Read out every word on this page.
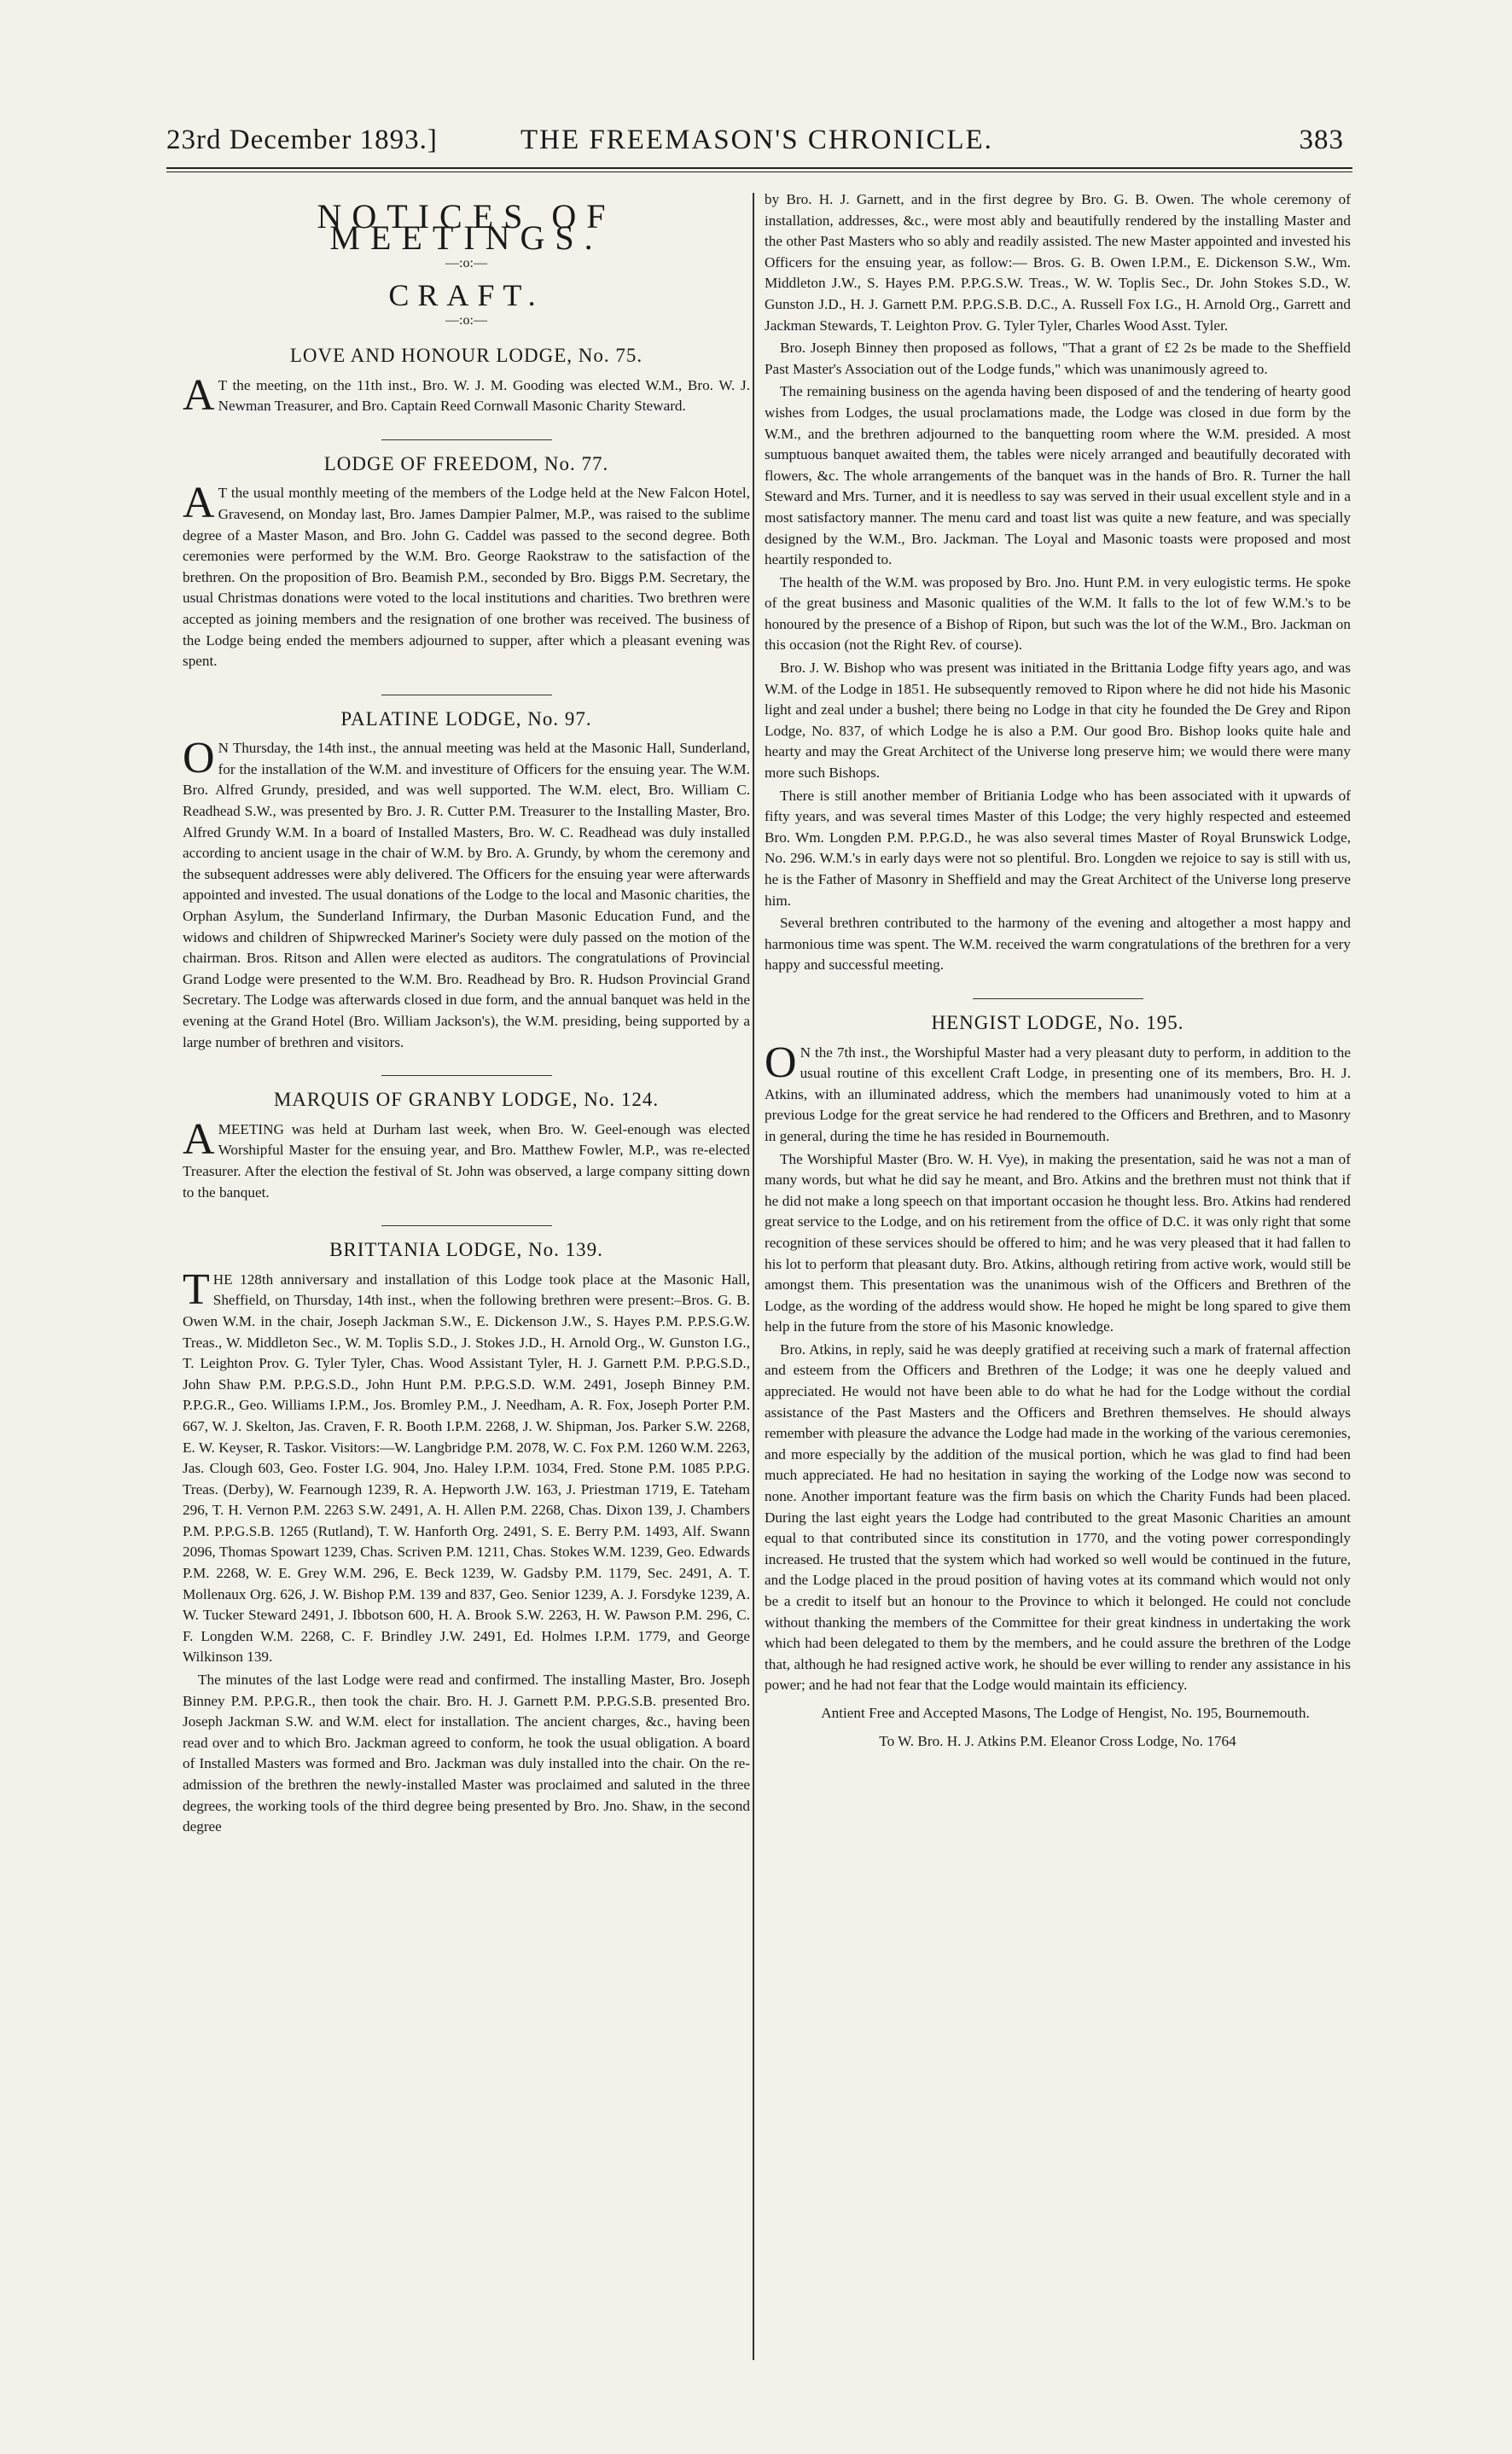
23rd December 1893.]	THE FREEMASON'S CHRONICLE.	383
NOTICES OF MEETINGS.
—:o:—
CRAFT.
—:o:—
LOVE AND HONOUR LODGE, No. 75.

A T the meeting, on the 11th inst., Bro. W. J. M. Gooding was elected W.M., Bro. W. J. Newman Treasurer, and Bro. Captain Reed Cornwall Masonic Charity Steward.

LODGE OF FREEDOM, No. 77.

A T the usual monthly meeting of the members of the Lodge held at the New Falcon Hotel, Gravesend, on Monday last, Bro. James Dampier Palmer, M.P., was raised to the sublime degree of a Master Mason, and Bro. John G. Caddel was passed to the second degree. Both ceremonies were performed by the W.M. Bro. George Raokstraw to the satisfaction of the brethren. On the proposition of Bro. Beamish P.M., seconded by Bro. Biggs P.M. Secretary, the usual Christmas donations were voted to the local institutions and charities. Two brethren were accepted as joining members and the resignation of one brother was received. The business of the Lodge being ended the members adjourned to supper, after which a pleasant evening was spent.

PALATINE LODGE, No. 97.

O N Thursday, the 14th inst., the annual meeting was held at the Masonic Hall, Sunderland, for the installation of the W.M. and investiture of Officers for the ensuing year. The W.M. Bro. Alfred Grundy, presided, and was well supported. The W.M. elect, Bro. William C. Readhead S.W., was presented by Bro. J. R. Cutter P.M. Treasurer to the Installing Master, Bro. Alfred Grundy W.M. In a board of Installed Masters, Bro. W. C. Readhead was duly installed according to ancient usage in the chair of W.M. by Bro. A. Grundy, by whom the ceremony and the subsequent addresses were ably delivered. The Officers for the ensuing year were afterwards appointed and invested. The usual donations of the Lodge to the local and Masonic charities, the Orphan Asylum, the Sunderland Infirmary, the Durban Masonic Education Fund, and the widows and children of Shipwrecked Mariner's Society were duly passed on the motion of the chairman. Bros. Ritson and Allen were elected as auditors. The congratulations of Provincial Grand Lodge were presented to the W.M. Bro. Readhead by Bro. R. Hudson Provincial Grand Secretary. The Lodge was afterwards closed in due form, and the annual banquet was held in the evening at the Grand Hotel (Bro. William Jackson's), the W.M. presiding, being supported by a large number of brethren and visitors.

MARQUIS OF GRANBY LODGE, No. 124.

AMEETING was held at Durham last week, when Bro. W. Geel-enough was elected Worshipful Master for the ensuing year, and Bro. Matthew Fowler, M.P., was re-elected Treasurer. After the election the festival of St. John was observed, a large company sitting down to the banquet.

BRITTANIA LODGE, No. 139.

THE 128th anniversary and installation of this Lodge took place at the Masonic Hall, Sheffield, on Thursday, 14th inst., when the following brethren were present:–Bros. G. B. Owen W.M. in the chair, Joseph Jackman S.W., E. Dickenson J.W., S. Hayes P.M. P.P.S.G.W. Treas., W. Middleton Sec., W. M. Toplis S.D., J. Stokes J.D., H. Arnold Org., W. Gunston I.G., T. Leighton Prov. G. Tyler Tyler, Chas. Wood Assistant Tyler, H. J. Garnett P.M. P.P.G.S.D., John Shaw P.M. P.P.G.S.D., John Hunt P.M. P.P.G.S.D. W.M. 2491, Joseph Binney P.M. P.P.G.R., Geo. Williams I.P.M., Jos. Bromley P.M., J. Needham, A. R. Fox, Joseph Porter P.M. 667, W. J. Skelton, Jas. Craven, F. R. Booth I.P.M. 2268, J. W. Shipman, Jos. Parker S.W. 2268, E. W. Keyser, R. Taskor. Visitors:—W. Langbridge P.M. 2078, W. C. Fox P.M. 1260 W.M. 2263, Jas. Clough 603, Geo. Foster I.G. 904, Jno. Haley I.P.M. 1034, Fred. Stone P.M. 1085 P.P.G. Treas. (Derby), W. Fearnough 1239, R. A. Hepworth J.W. 163, J. Priestman 1719, E. Tateham 296, T. H. Vernon P.M. 2263 S.W. 2491, A. H. Allen P.M. 2268, Chas. Dixon 139, J. Chambers P.M. P.P.G.S.B. 1265 (Rutland), T. W. Hanforth Org. 2491, S. E. Berry P.M. 1493, Alf. Swann 2096, Thomas Spowart 1239, Chas. Scriven P.M. 1211, Chas. Stokes W.M. 1239, Geo. Edwards P.M. 2268, W. E. Grey W.M. 296, E. Beck 1239, W. Gadsby P.M. 1179, Sec. 2491, A. T. Mollenaux Org. 626, J. W. Bishop P.M. 139 and 837, Geo. Senior 1239, A. J. Forsdyke 1239, A. W. Tucker Steward 2491, J. Ibbotson 600, H. A. Brook S.W. 2263, H. W. Pawson P.M. 296, C. F. Longden W.M. 2268, C. F. Brindley J.W. 2491, Ed. Holmes I.P.M. 1779, and George Wilkinson 139.

The minutes of the last Lodge were read and confirmed. The installing Master, Bro. Joseph Binney P.M. P.P.G.R., then took the chair. Bro. H. J. Garnett P.M. P.P.G.S.B. presented Bro. Joseph Jackman S.W. and W.M. elect for installation. The ancient charges, &c., having been read over and to which Bro. Jackman agreed to conform, he took the usual obligation. A board of Installed Masters was formed and Bro. Jackman was duly installed into the chair. On the re-admission of the brethren the newly-installed Master was proclaimed and saluted in the three degrees, the working tools of the third degree being presented by Bro. Jno. Shaw, in the second degree

by Bro. H. J. Garnett, and in the first degree by Bro. G. B. Owen. The whole ceremony of installation, addresses, &c., were most ably and beautifully rendered by the installing Master and the other Past Masters who so ably and readily assisted. The new Master appointed and invested his Officers for the ensuing year, as follow:— Bros. G. B. Owen I.P.M., E. Dickenson S.W., Wm. Middleton J.W., S. Hayes P.M. P.P.G.S.W. Treas., W. W. Toplis Sec., Dr. John Stokes S.D., W. Gunston J.D., H. J. Garnett P.M. P.P.G.S.B. D.C., A. Russell Fox I.G., H. Arnold Org., Garrett and Jackman Stewards, T. Leighton Prov. G. Tyler Tyler, Charles Wood Asst. Tyler.

Bro. Joseph Binney then proposed as follows, "That a grant of £2 2s be made to the Sheffield Past Master's Association out of the Lodge funds," which was unanimously agreed to.

The remaining business on the agenda having been disposed of and the tendering of hearty good wishes from Lodges, the usual proclamations made, the Lodge was closed in due form by the W.M., and the brethren adjourned to the banquetting room where the W.M. presided. A most sumptuous banquet awaited them, the tables were nicely arranged and beautifully decorated with flowers, &c. The whole arrangements of the banquet was in the hands of Bro. R. Turner the hall Steward and Mrs. Turner, and it is needless to say was served in their usual excellent style and in a most satisfactory manner. The menu card and toast list was quite a new feature, and was specially designed by the W.M., Bro. Jackman. The Loyal and Masonic toasts were proposed and most heartily responded to.

The health of the W.M. was proposed by Bro. Jno. Hunt P.M. in very eulogistic terms. He spoke of the great business and Masonic qualities of the W.M. It falls to the lot of few W.M.'s to be honoured by the presence of a Bishop of Ripon, but such was the lot of the W.M., Bro. Jackman on this occasion (not the Right Rev. of course).

Bro. J. W. Bishop who was present was initiated in the Brittania Lodge fifty years ago, and was W.M. of the Lodge in 1851. He subsequently removed to Ripon where he did not hide his Masonic light and zeal under a bushel; there being no Lodge in that city he founded the De Grey and Ripon Lodge, No. 837, of which Lodge he is also a P.M. Our good Bro. Bishop looks quite hale and hearty and may the Great Architect of the Universe long preserve him; we would there were many more such Bishops.

There is still another member of Britiania Lodge who has been associated with it upwards of fifty years, and was several times Master of this Lodge; the very highly respected and esteemed Bro. Wm. Longden P.M. P.P.G.D., he was also several times Master of Royal Brunswick Lodge, No. 296. W.M.'s in early days were not so plentiful. Bro. Longden we rejoice to say is still with us, he is the Father of Masonry in Sheffield and may the Great Architect of the Universe long preserve him.

Several brethren contributed to the harmony of the evening and altogether a most happy and harmonious time was spent. The W.M. received the warm congratulations of the brethren for a very happy and successful meeting.

HENGIST LODGE, No. 195.

O N the 7th inst., the Worshipful Master had a very pleasant duty to perform, in addition to the usual routine of this excellent Craft Lodge, in presenting one of its members, Bro. H. J. Atkins, with an illuminated address, which the members had unanimously voted to him at a previous Lodge for the great service he had rendered to the Officers and Brethren, and to Masonry in general, during the time he has resided in Bournemouth.

The Worshipful Master (Bro. W. H. Vye), in making the presentation, said he was not a man of many words, but what he did say he meant, and Bro. Atkins and the brethren must not think that if he did not make a long speech on that important occasion he thought less. Bro. Atkins had rendered great service to the Lodge, and on his retirement from the office of D.C. it was only right that some recognition of these services should be offered to him; and he was very pleased that it had fallen to his lot to perform that pleasant duty. Bro. Atkins, although retiring from active work, would still be amongst them. This presentation was the unanimous wish of the Officers and Brethren of the Lodge, as the wording of the address would show. He hoped he might be long spared to give them help in the future from the store of his Masonic knowledge.

Bro. Atkins, in reply, said he was deeply gratified at receiving such a mark of fraternal affection and esteem from the Officers and Brethren of the Lodge; it was one he deeply valued and appreciated. He would not have been able to do what he had for the Lodge without the cordial assistance of the Past Masters and the Officers and Brethren themselves. He should always remember with pleasure the advance the Lodge had made in the working of the various ceremonies, and more especially by the addition of the musical portion, which he was glad to find had been much appreciated. He had no hesitation in saying the working of the Lodge now was second to none. Another important feature was the firm basis on which the Charity Funds had been placed. During the last eight years the Lodge had contributed to the great Masonic Charities an amount equal to that contributed since its constitution in 1770, and the voting power correspondingly increased. He trusted that the system which had worked so well would be continued in the future, and the Lodge placed in the proud position of having votes at its command which would not only be a credit to itself but an honour to the Province to which it belonged. He could not conclude without thanking the members of the Committee for their great kindness in undertaking the work which had been delegated to them by the members, and he could assure the brethren of the Lodge that, although he had resigned active work, he should be ever willing to render any assistance in his power; and he had not fear that the Lodge would maintain its efficiency.

Antient Free and Accepted Masons, The Lodge of Hengist, No. 195, Bournemouth.

To W. Bro. H. J. Atkins P.M. Eleanor Cross Lodge, No. 1764
